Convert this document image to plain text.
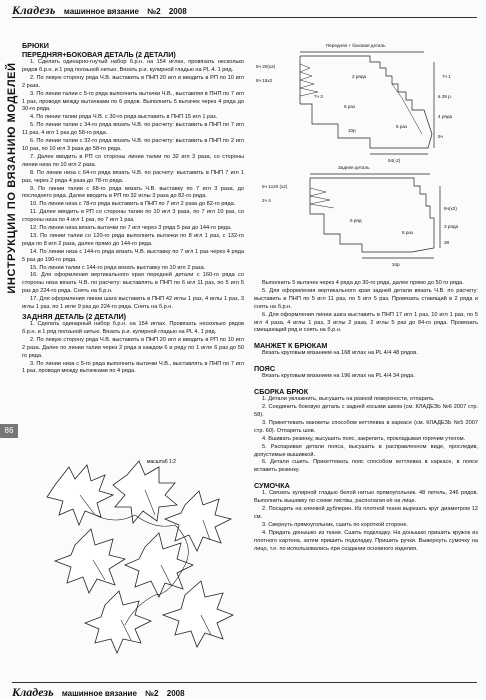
Кладезь машинное вязание №2 2008
ИНСТРУКЦИИ ПО ВЯЗАНИЮ МОДЕЛЕЙ
86
БРЮКИ
ПЕРЕДНЯЯ+БОКОВАЯ ДЕТАЛЬ (2 ДЕТАЛИ)

1. Сделать одинарно-гнутый набор б.р.н. на 154 иглах, провязать несколько рядов б.р.н. и 1 ряд ползьной нитью. Вязать р.и. кулирной гладью на PL 4. 1 ряд.

2. По левую сторону ряда Ч.В. выставить в ПНП 20 игл и вводить в РП по 10 игл 2 раза.

3. По линии талии с 5-го ряда выполнить вытачки Ч.В., выставляя в ПНП по 7 игл 1 раз, проводя между вытачками по 6 рядов. Выполнить 5 вытачек через 4 ряда до 30-го ряда.

4. По линии талии ряда Ч.В. с 30-го ряда выставить в ПНП 15 игл 1 раз.

5. По линии талии с 34-го ряда вязать Ч.В. по расчету: выставить в ПНП по 7 игл 11 раз, 4 игл 1 раз до 58-го ряда.

6. По линии талии с 32-го ряда вязать Ч.В. по расчету: выставить в ПНП по 2 игл 10 раз, по 10 игл 3 раза до 58-го ряда.

7. Далее вводить в РП со стороны линии талии по 32 игл 3 раза, со стороны линии низа по 10 игл 2 раза.

8. По линии низа с 64-го ряда вязать Ч.В. по расчету: выставить в ПНП 7 игл 1 раз, через 2 ряда 4 раза до 78-го ряда.

9. По линии талии с 68-го ряда вязать Ч.В. выставку по 7 игл 3 раза, до последнего ряда. Далее вводить в РП по 32 иглы 3 раза до 82-го ряда.

10. По линии низа с 78-го ряда выставить в ПНП по 7 игл 2 раза до 82-го ряда.

11. Далее вводить в РП со стороны талии по 10 игл 3 раза, по 7 игл 10 раз, со стороны низа по 4 игл 1 раз, по 7 игл 1 раз.

12. По линии низа вязать вытачки по 7 игл через 3 ряда 5 раз до 144-го ряда.

13. По линии талии со 120-го ряда выполнить вытачки по 8 игл 1 раз, с 132-го ряда по 8 игл 2 раза, далее прямо до 144-го ряда.

14. По линии низа с 144-го ряда вязать Ч.В. выставку по 7 игл 1 раз через 4 ряда 5 раз до 190-го ряда.

15. По линии талии с 144-го ряда вязать выставку по 10 игл 2 раза.

16. Для оформления вертикального края передней детали с 160-го ряда со стороны низа вязать Ч.В. по расчету: выставлять в ПНП по 6 игл 11 раз, по 5 игл 5 раз до 224-го ряда. Снять на б.р.н.

17. Для оформления линии шага выставить в ПНП 42 иглы 1 раз, 4 иглы 1 раз, 3 иглы 1 раз, по 1 игле 9 раз до 224-го ряда. Снять на б.р.н.

ЗАДНЯЯ ДЕТАЛЬ (2 ДЕТАЛИ)

1. Сделать одинарный набор б.р.н. на 154 иглах. Провязать несколько рядов б.р.н. и 1 ряд ползьной нитью. Вязать р.и. кулирной гладью на PL 4. 1 ряд.

2. По левую сторону ряда Ч.В. выставить в ПНП 20 игл и вводить в РП по 10 игл 2 раза. Далее по линии талии через 2 ряда в каждом 6 и ряду по 1 игле 6 раз до 50 го ряда.

3. По линии низа с 5-го ряда выполнить вытачки Ч.В., выставлять в ПНП по 7 игл 1 раз, проводя между вытачками по 4 ряда.

Передняя + боковая деталь
5ч 20(х2)
8ч 15х2
7ч 3
2 ряда
6 раз
5 раз
в 28 р.
4 ряда
54(-2)
10р
5ч
7ч 1
Задняя деталь
5ч 1х20 (х2)
2ч 4
6 ряд
8 раз
5ч(х2)
3 ряда
34р
28

Выполнить 5 вытачек через 4 ряда до 30-го ряда, далее прямо до 50 го ряда.

5. Для оформления вертикального края задней детали вязать Ч.В. по расчету: выставить в ПНП по 5 игл 11 раз, по 5 игл 5 раз. Провязать ставящий в 2 ряда и снять на б.р.н.

6. Для оформления линии шага выставить в ПНП 17 игл 1 раз, 10 игл 1 раз, по 5 игл 4 раза, 4 иглы 1 раз, 3 иглы 2 раза, 2 иглы 5 раз до 84-го ряда. Провязать смещающий ряд и снять на б.р.н.

МАНЖЕТ К БРЮКАМ

Вязать круговым вязанием на 168 иглах на PL 4/4 48 рядов.

ПОЯС

Вязать круговым вязанием на 196 иглах на PL 4/4 34 ряда.

СБОРКА БРЮК

1. Детали увлажнить, высушить на ровной поверхности, отпарить.

2. Соединить боковую деталь с задней косыми швом (см. КЛАДЕЗЬ №6 2007 стр. 58).

3. Прикеттевать манжеты способом кеттлевка в каркасе (см. КЛАДЕЗЬ №5 2007 стр. 60). Отпарить шов.

4. Вшивать резинку, высушить пояс, закрепить, прокладывая горячим утюгом.

5. Распаривая детали пояса, высушить в расправленном виде, проследив, допустимые вышивкой.

6. Детали сшить. Прикеттевать пояс способом кеттлевка в каркасе, в поясе вставить резинку.

СУМОЧКА

1. Связать кулирной гладью белой нитью прямоугольник. 48 петель, 246 рядов. Выполнить вышивку по схеме листвы, располагая её на лице.

2. Посадить на клеевой дублерин. Из плотной ткани вырезать круг диаметром 12 см.

3. Свернуть прямоугольник, сшить по короткой стороне.

4. Придать донышко из ткани. Сшить подкладку. На донышко пришить кружок из плотного картона, затем пришить подкладку. Пришить ручки. Вывернуть сумочку на лицо, т.е. по использовались при создании основного изделия.

масштаб 1:2
Кладезь машинное вязание №2 2008
